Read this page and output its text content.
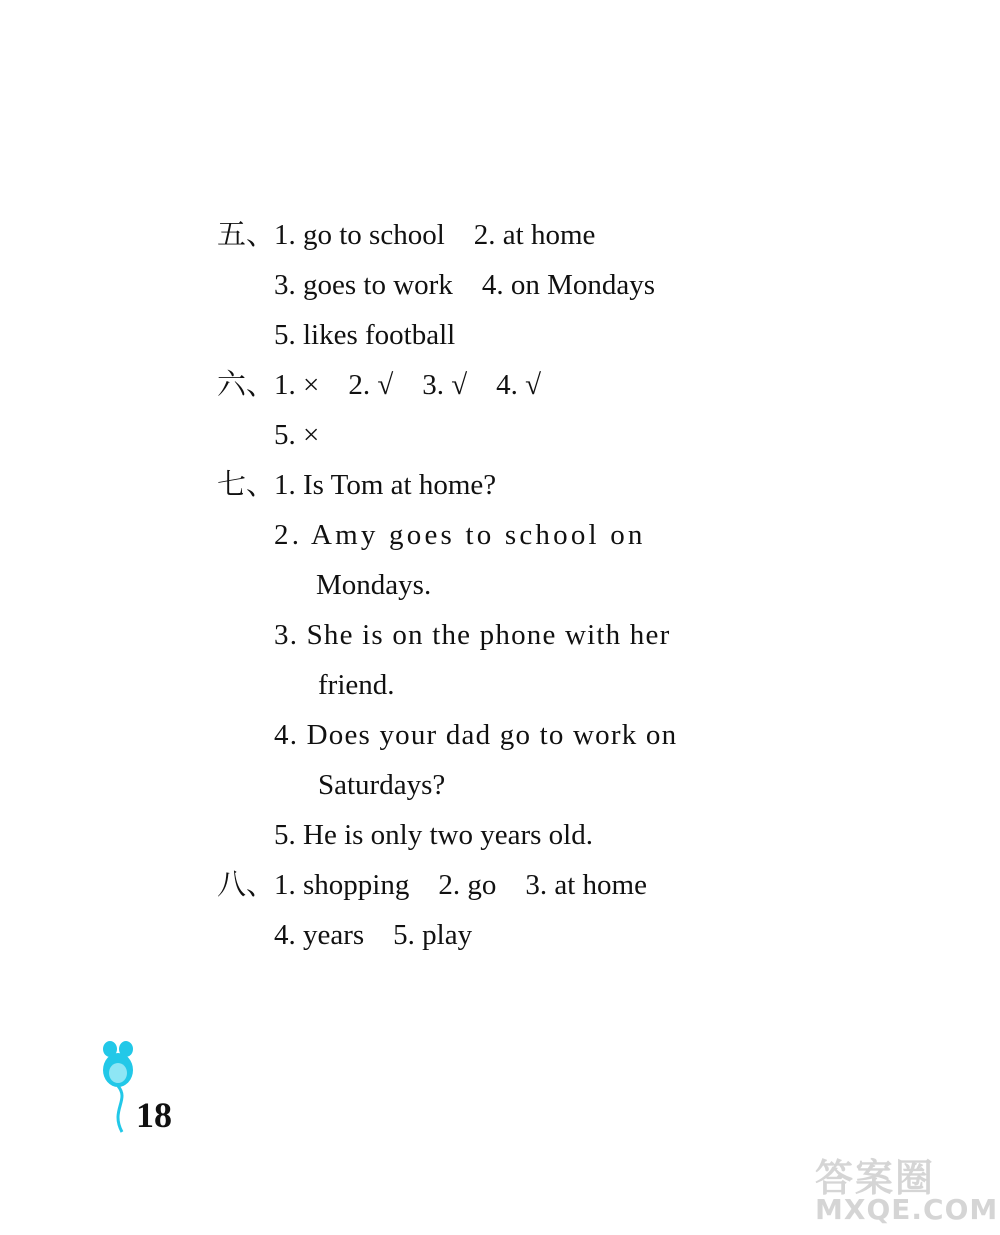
五、
1. go to school    2. at home
3. goes to work    4. on Mondays
5. likes football
六、
1. ×    2. √    3. √    4. √
5. ×
七、
1. Is Tom at home?
2. Amy goes to school on
Mondays.
3. She is on the phone with her
friend.
4. Does your dad go to work on
Saturdays?
5. He is only two years old.
八、
1. shopping    2. go    3. at home
4. years    5. play
18
答案圈
MXQE.COM
